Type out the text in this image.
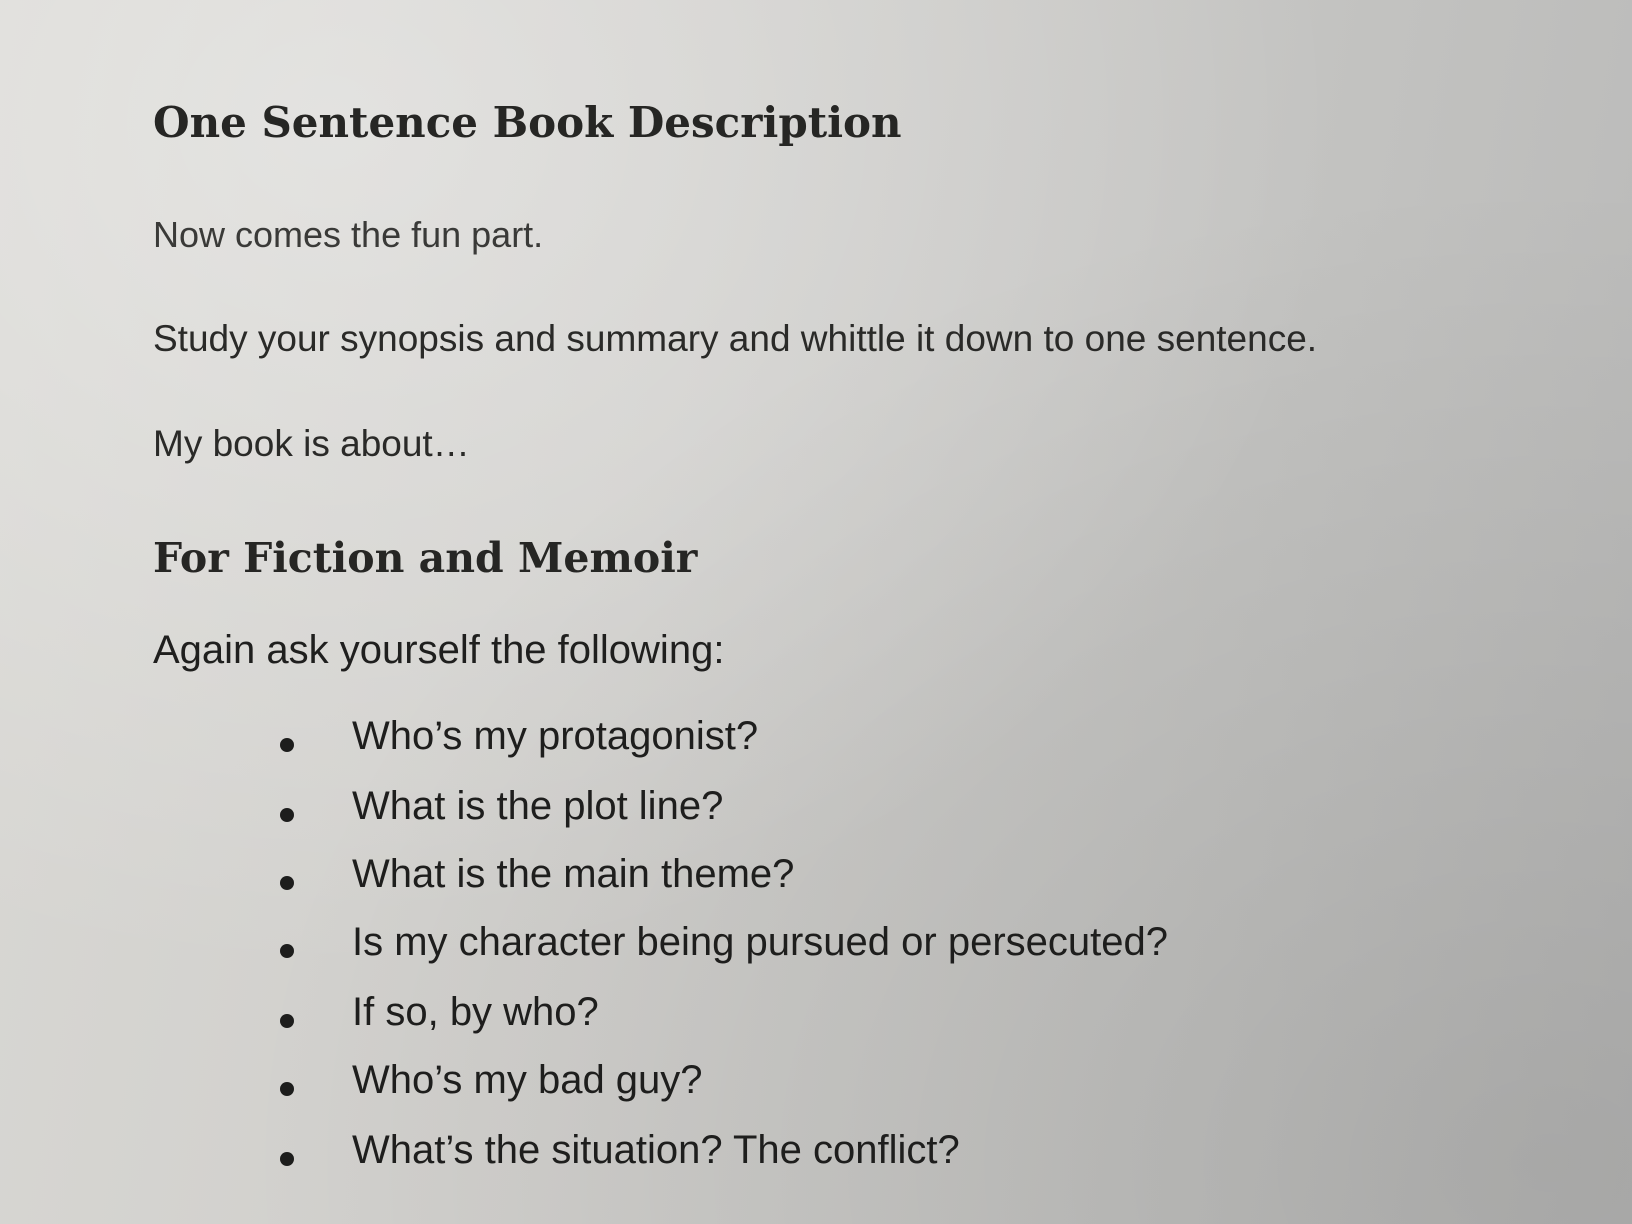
One Sentence Book Description
Now comes the fun part.
Study your synopsis and summary and whittle it down to one sentence.
My book is about…
For Fiction and Memoir
Again ask yourself the following:
Who’s my protagonist?
What is the plot line?
What is the main theme?
Is my character being pursued or persecuted?
If so, by who?
Who’s my bad guy?
What’s the situation? The conflict?
